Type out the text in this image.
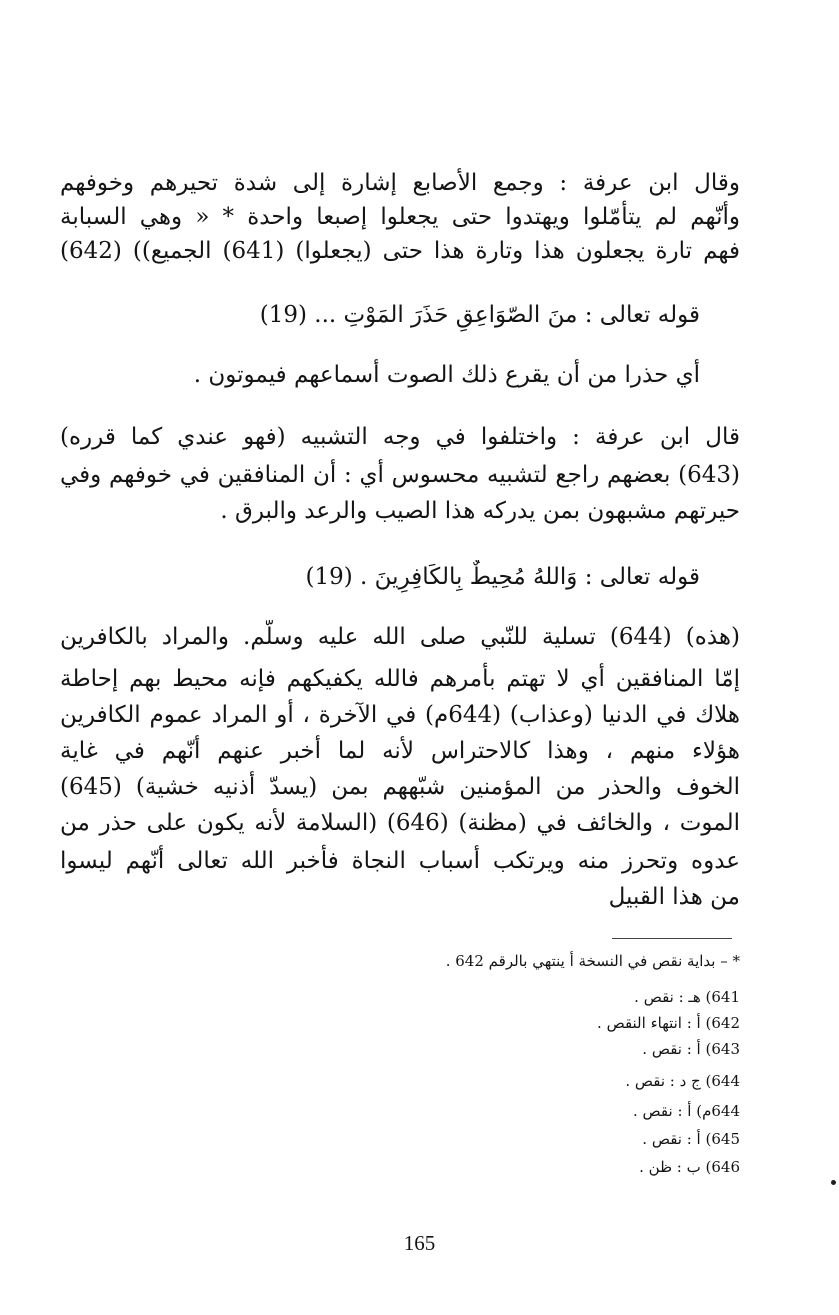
وقال ابن عرفة : وجمع الأصابع إشارة إلى شدة تحيرهم وخوفهم
وأنّهم لم يتأمّلوا ويهتدوا حتى يجعلوا إصبعا واحدة * « وهي السبابة
فهم تارة يجعلون هذا وتارة هذا حتى (يجعلوا) (641) الجميع)) (642)
قوله تعالى : منَ الصّوَاعِقِ حَذَرَ المَوْتِ ... (19)
أي حذرا من أن يقرع ذلك الصوت أسماعهم فيموتون .
قال ابن عرفة : واختلفوا في وجه التشبيه (فهو عندي كما قرره)
(643) بعضهم راجع لتشبيه محسوس أي : أن المنافقين في خوفهم وفي
حيرتهم مشبهون بمن يدركه هذا الصيب والرعد والبرق .
قوله تعالى : وَاللهُ مُحِيطٌ بِالكَافِرِينَ . (19)
(هذه) (644) تسلية للنّبي صلى الله عليه وسلّم. والمراد بالكافرين
إمّا المنافقين أي لا تهتم بأمرهم فالله يكفيكهم فإنه محيط بهم إحاطة
هلاك في الدنيا (وعذاب) (644م) في الآخرة ، أو المراد عموم الكافرين
هؤلاء منهم ، وهذا كالاحتراس لأنه لما أخبر عنهم أنّهم في غاية
الخوف والحذر من المؤمنين شبّههم بمن (يسدّ أذنيه خشية) (645)
الموت ، والخائف في (مظنة) (646) (السلامة لأنه يكون على حذر من
عدوه وتحرز منه ويرتكب أسباب النجاة فأخبر الله تعالى أنّهم ليسوا
من هذا القبيل
* – بداية نقص في النسخة أ ينتهي بالرقم 642 .
641) هـ : نقص .
642) أ : انتهاء النقص .
643) أ : نقص .
644) ج د : نقص .
644م) أ : نقص .
645) أ : نقص .
646) ب : ظن .
165
